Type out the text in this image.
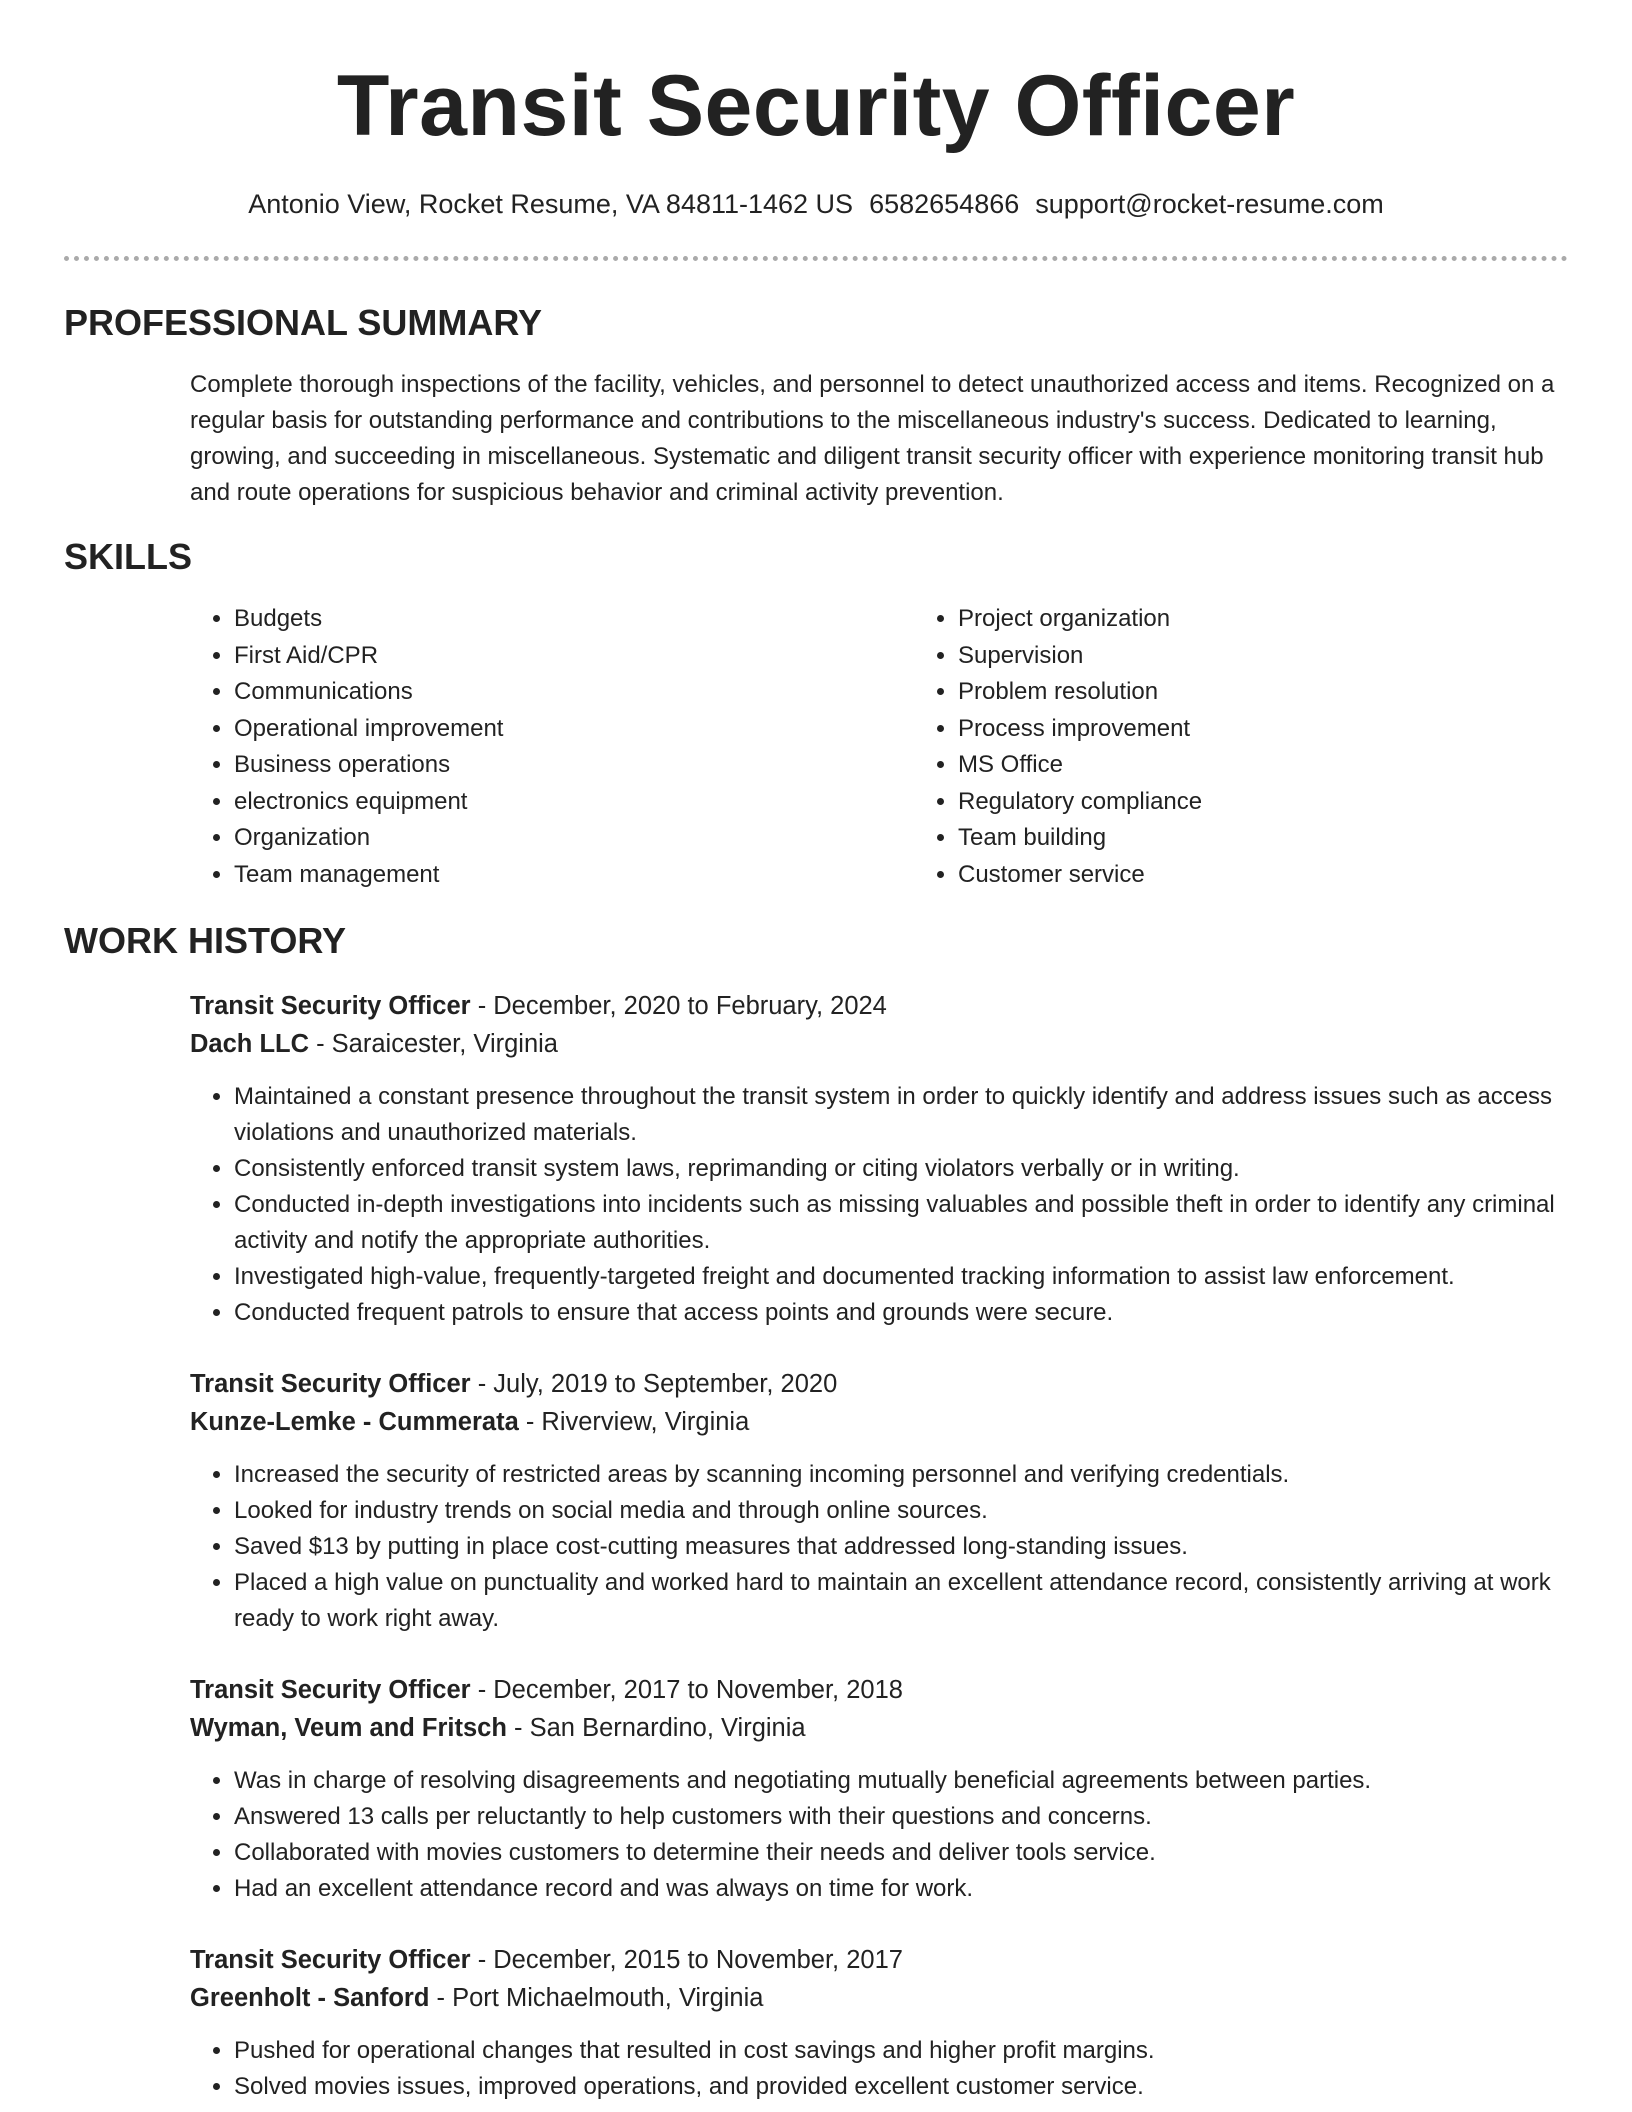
Transit Security Officer
Antonio View, Rocket Resume, VA 84811-1462 US 6582654866 support@rocket-resume.com
PROFESSIONAL SUMMARY
Complete thorough inspections of the facility, vehicles, and personnel to detect unauthorized access and items. Recognized on a regular basis for outstanding performance and contributions to the miscellaneous industry's success. Dedicated to learning, growing, and succeeding in miscellaneous. Systematic and diligent transit security officer with experience monitoring transit hub and route operations for suspicious behavior and criminal activity prevention.
SKILLS
• Budgets
• First Aid/CPR
• Communications
• Operational improvement
• Business operations
• electronics equipment
• Organization
• Team management
• Project organization
• Supervision
• Problem resolution
• Process improvement
• MS Office
• Regulatory compliance
• Team building
• Customer service
WORK HISTORY
Transit Security Officer - December, 2020 to February, 2024
Dach LLC - Saraicester, Virginia
• Maintained a constant presence throughout the transit system in order to quickly identify and address issues such as access violations and unauthorized materials.
• Consistently enforced transit system laws, reprimanding or citing violators verbally or in writing.
• Conducted in-depth investigations into incidents such as missing valuables and possible theft in order to identify any criminal activity and notify the appropriate authorities.
• Investigated high-value, frequently-targeted freight and documented tracking information to assist law enforcement.
• Conducted frequent patrols to ensure that access points and grounds were secure.
Transit Security Officer - July, 2019 to September, 2020
Kunze-Lemke - Cummerata - Riverview, Virginia
• Increased the security of restricted areas by scanning incoming personnel and verifying credentials.
• Looked for industry trends on social media and through online sources.
• Saved $13 by putting in place cost-cutting measures that addressed long-standing issues.
• Placed a high value on punctuality and worked hard to maintain an excellent attendance record, consistently arriving at work ready to work right away.
Transit Security Officer - December, 2017 to November, 2018
Wyman, Veum and Fritsch - San Bernardino, Virginia
• Was in charge of resolving disagreements and negotiating mutually beneficial agreements between parties.
• Answered 13 calls per reluctantly to help customers with their questions and concerns.
• Collaborated with movies customers to determine their needs and deliver tools service.
• Had an excellent attendance record and was always on time for work.
Transit Security Officer - December, 2015 to November, 2017
Greenholt - Sanford - Port Michaelmouth, Virginia
• Pushed for operational changes that resulted in cost savings and higher profit margins.
• Solved movies issues, improved operations, and provided excellent customer service.
